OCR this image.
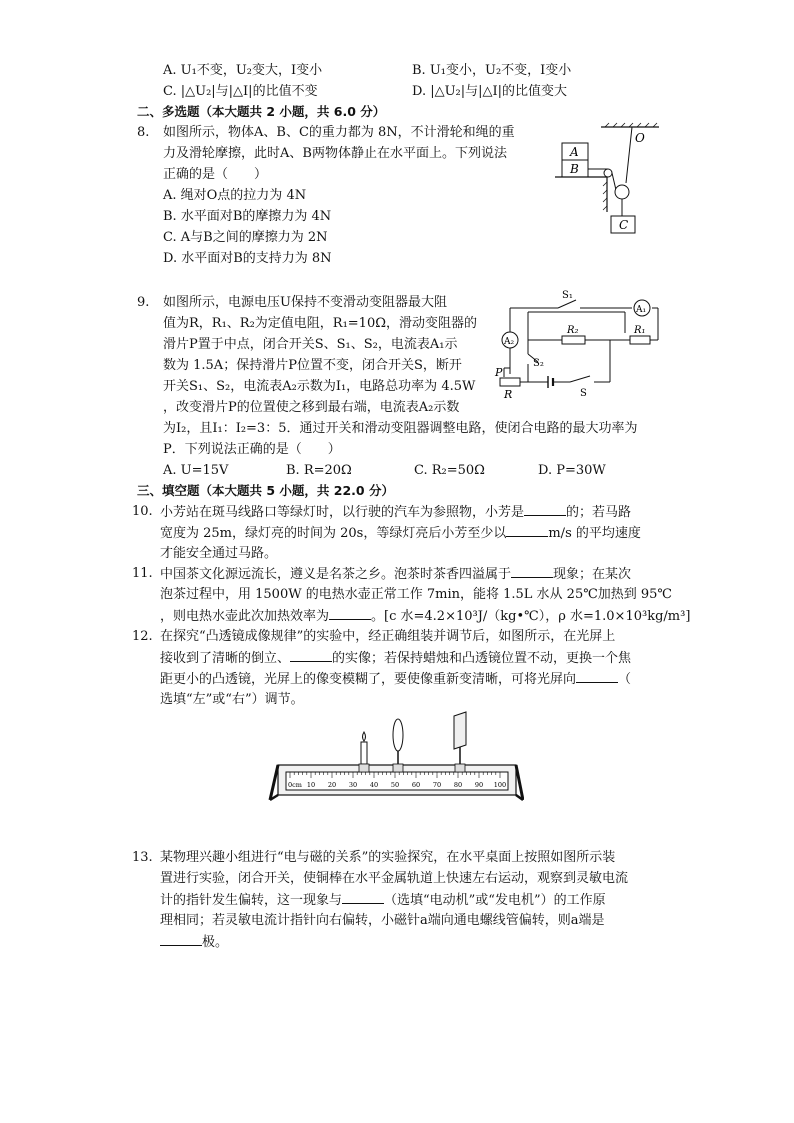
A. U₁不变，U₂变大，I变小	B. U₁变小，U₂不变，I变小
C. |△U₂|与|△I|的比值不变	D. |△U₂|与|△I|的比值变大
二、多选题（本大题共 2 小题，共 6.0 分）
8. 如图所示，物体A、B、C的重力都为 8N，不计滑轮和绳的重
力及滑轮摩擦，此时A、B两物体静止在水平面上。下列说法
正确的是（　　）
A. 绳对O点的拉力为 4N
B. 水平面对B的摩擦力为 4N
C. A与B之间的摩擦力为 2N
D. 水平面对B的支持力为 8N
O
A
B
C
9. 如图所示，电源电压U保持不变滑动变阻器最大阻
值为R，R₁、R₂为定值电阻，R₁=10Ω，滑动变阻器的
滑片P置于中点，闭合开关S、S₁、S₂，电流表A₁示
数为 1.5A；保持滑片P位置不变，闭合开关S，断开
开关S₁、S₂，电流表A₂示数为I₁，电路总功率为 4.5W
，改变滑片P的位置使之移到最右端，电流表A₂示数
为I₂，且I₁：I₂=3：5．通过开关和滑动变阻器调整电路，使闭合电路的最大功率为
P．下列说法正确的是（　　）
A. U=15V	B. R=20Ω	C. R₂=50Ω	D. P=30W
A₂
A₁
S₁
R₂	R₁
S₂
P
R	S
三、填空题（本大题共 5 小题，共 22.0 分）
10. 小芳站在斑马线路口等绿灯时，以行驶的汽车为参照物，小芳是	的；若马路
宽度为 25m，绿灯亮的时间为 20s，等绿灯亮后小芳至少以	m/s 的平均速度
才能安全通过马路。
11. 中国茶文化源远流长，遵义是名茶之乡。泡茶时茶香四溢属于	现象；在某次
泡茶过程中，用 1500W 的电热水壶正常工作 7min，能将 1.5L 水从 25℃加热到 95℃
，则电热水壶此次加热效率为	。[c 水=4.2×10³J/（kg•℃），ρ 水=1.0×10³kg/m³]
12. 在探究“凸透镜成像规律”的实验中，经正确组装并调节后，如图所示，在光屏上
接收到了清晰的倒立、	的实像；若保持蜡烛和凸透镜位置不动，更换一个焦
距更小的凸透镜，光屏上的像变模糊了，要使像重新变清晰，可将光屏向	（
选填“左”或“右”）调节。
0cm 10 20 30 40 50 60 70 80 90 100
13. 某物理兴趣小组进行“电与磁的关系”的实验探究，在水平桌面上按照如图所示装
置进行实验，闭合开关，使铜棒在水平金属轨道上快速左右运动，观察到灵敏电流
计的指针发生偏转，这一现象与	（选填“电动机”或“发电机”）的工作原
理相同；若灵敏电流计指针向右偏转，小磁针a端向通电螺线管偏转，则a端是
极。
